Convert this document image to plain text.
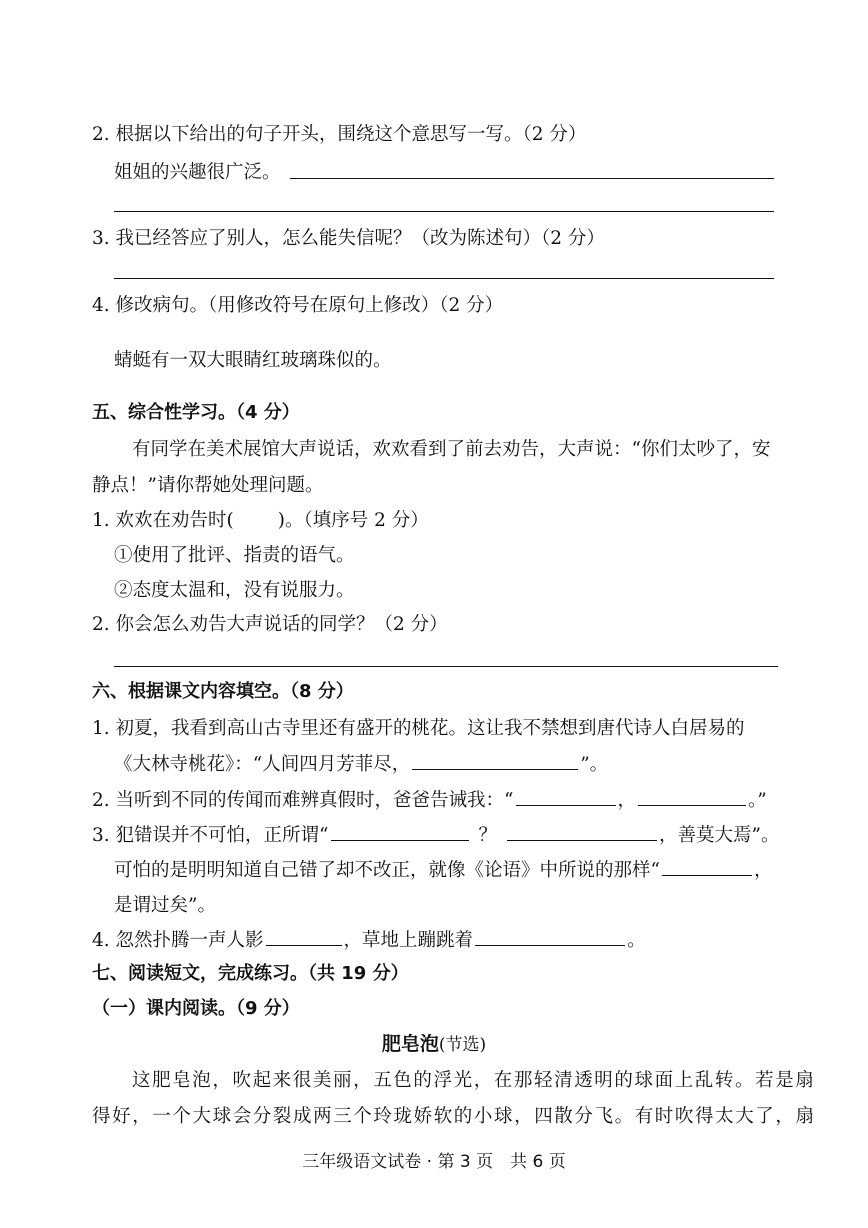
2. 根据以下给出的句子开头，围绕这个意思写一写。（2 分）
姐姐的兴趣很广泛。
3. 我已经答应了别人，怎么能失信呢？（改为陈述句）（2 分）
4. 修改病句。（用修改符号在原句上修改）（2 分）
蜻蜓有一双大眼睛红玻璃珠似的。
五、综合性学习。（4 分）
有同学在美术展馆大声说话，欢欢看到了前去劝告，大声说：“你们太吵了，安
静点！”请你帮她处理问题。
1. 欢欢在劝告时( )。（填序号 2 分）
①使用了批评、指责的语气。
②态度太温和，没有说服力。
2. 你会怎么劝告大声说话的同学？（2 分）
六、根据课文内容填空。（8 分）
1. 初夏，我看到高山古寺里还有盛开的桃花。这让我不禁想到唐代诗人白居易的
《大林寺桃花》：“人间四月芳菲尽，	”。
2. 当听到不同的传闻而难辨真假时，爸爸告诫我：“	，	。”
3. 犯错误并不可怕，正所谓“	？	，善莫大焉”。
可怕的是明明知道自己错了却不改正，就像《论语》中所说的那样“	，
是谓过矣”。
4. 忽然扑腾一声人影	，草地上蹦跳着	。
七、阅读短文，完成练习。（共 19 分）
（一）课内阅读。（9 分）
肥皂泡(节选)
这肥皂泡，吹起来很美丽，五色的浮光，在那轻清透明的球面上乱转。若是扇
得好，一个大球会分裂成两三个玲珑娇软的小球，四散分飞。有时吹得太大了，扇
三年级语文试卷 · 第 3 页　共 6 页
